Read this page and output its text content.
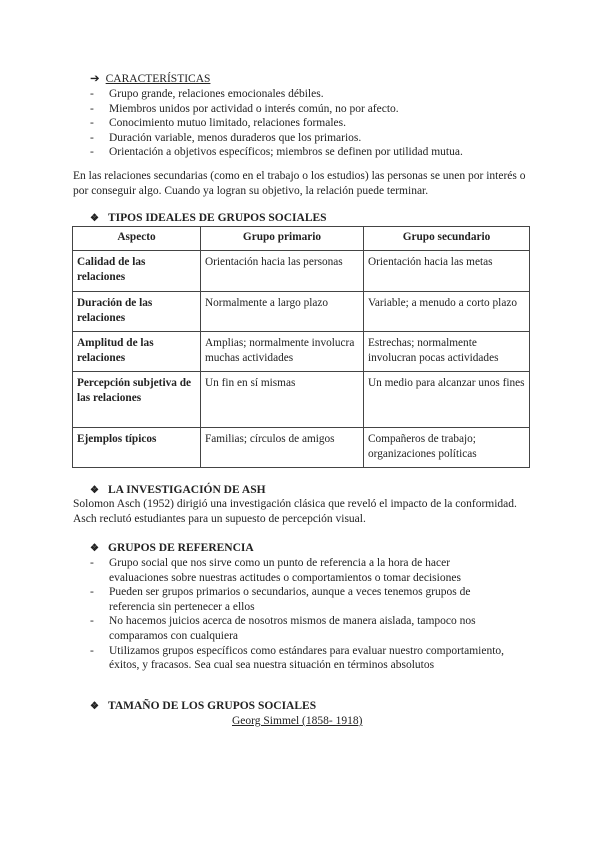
➔ CARACTERÍSTICAS
- Grupo grande, relaciones emocionales débiles.
- Miembros unidos por actividad o interés común, no por afecto.
- Conocimiento mutuo limitado, relaciones formales.
- Duración variable, menos duraderos que los primarios.
- Orientación a objetivos específicos; miembros se definen por utilidad mutua.
En las relaciones secundarias (como en el trabajo o los estudios) las personas se unen por interés o por conseguir algo. Cuando ya logran su objetivo, la relación puede terminar.
❖ TIPOS IDEALES DE GRUPOS SOCIALES
Aspecto	Grupo primario	Grupo secundario
Calidad de las relaciones	Orientación hacia las personas	Orientación hacia las metas
Duración de las relaciones	Normalmente a largo plazo	Variable; a menudo a corto plazo
Amplitud de las relaciones	Amplias; normalmente involucra muchas actividades	Estrechas; normalmente involucran pocas actividades
Percepción subjetiva de las relaciones	Un fin en sí mismas	Un medio para alcanzar unos fines
Ejemplos típicos	Familias; círculos de amigos	Compañeros de trabajo; organizaciones políticas
❖ LA INVESTIGACIÓN DE ASH
Solomon Asch (1952) dirigió una investigación clásica que reveló el impacto de la conformidad. Asch reclutó estudiantes para un supuesto de percepción visual.
❖ GRUPOS DE REFERENCIA
- Grupo social que nos sirve como un punto de referencia a la hora de hacer evaluaciones sobre nuestras actitudes o comportamientos o tomar decisiones
- Pueden ser grupos primarios o secundarios, aunque a veces tenemos grupos de referencia sin pertenecer a ellos
- No hacemos juicios acerca de nosotros mismos de manera aislada, tampoco nos comparamos con cualquiera
- Utilizamos grupos específicos como estándares para evaluar nuestro comportamiento, éxitos, y fracasos. Sea cual sea nuestra situación en términos absolutos
❖ TAMAÑO DE LOS GRUPOS SOCIALES
Georg Simmel (1858- 1918)
